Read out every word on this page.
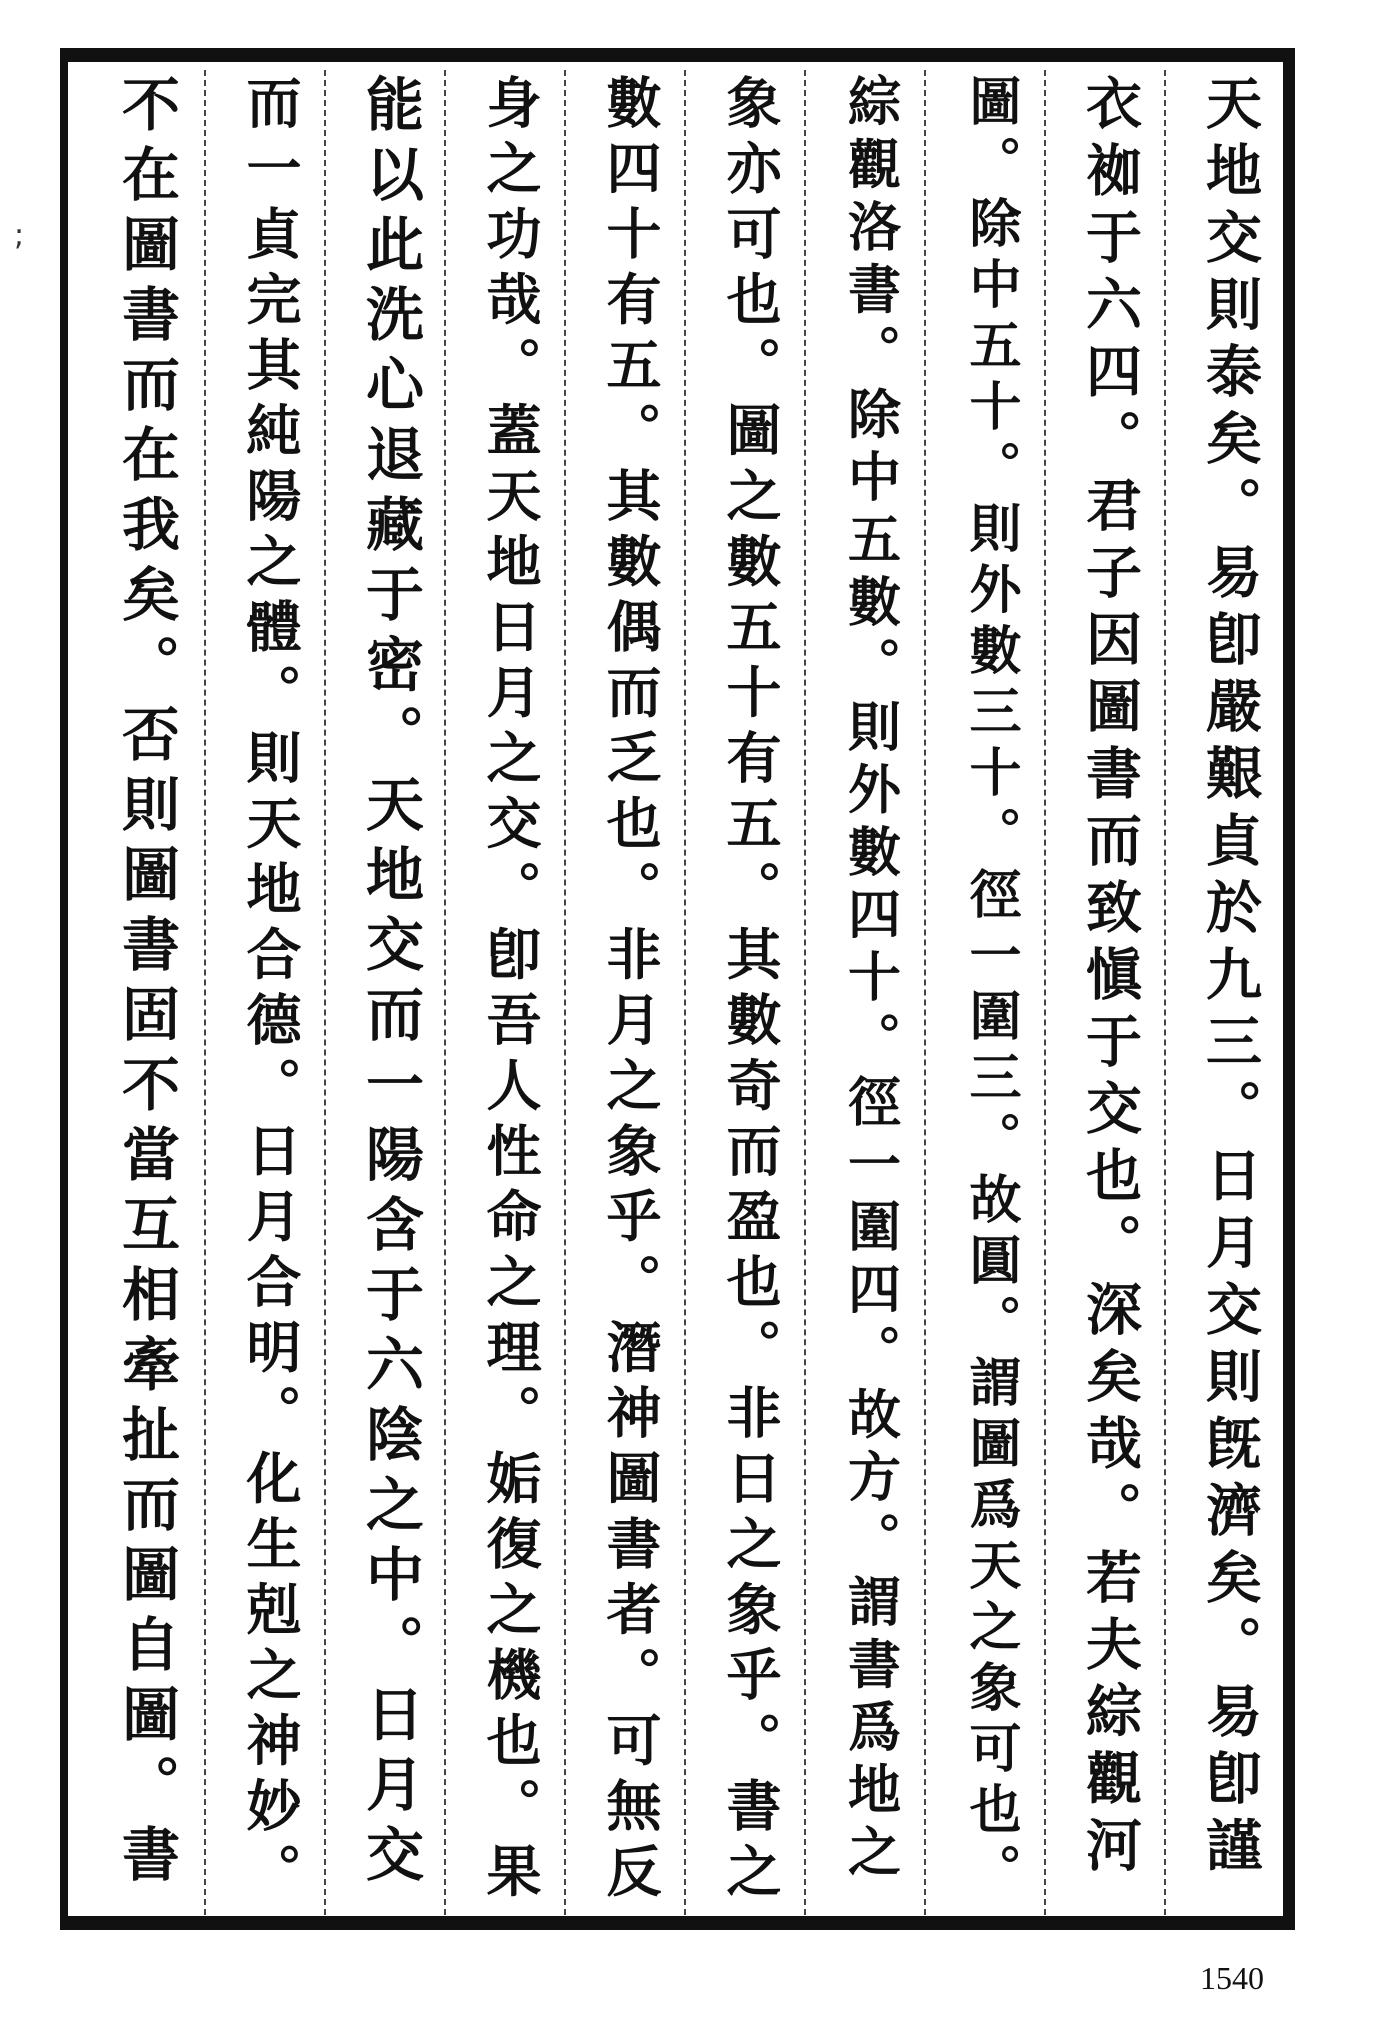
;	天地交則泰矣。易卽嚴艱貞於九三。日月交則旣濟矣。易卽謹
衣袽于六四。君子因圖書而致愼于交也。深矣哉。若夫綜觀河
圖。除中五十。則外數三十。徑一圍三。故圓。謂圖爲天之象可也。
綜觀洛書。除中五數。則外數四十。徑一圍四。故方。謂書爲地之
象亦可也。圖之數五十有五。其數奇而盈也。非日之象乎。書之
數四十有五。其數偶而乏也。非月之象乎。潛神圖書者。可無反
身之功哉。蓋天地日月之交。卽吾人性命之理。姤復之機也。果
能以此洗心退藏于密。天地交而一陽含于六陰之中。日月交
而一貞完其純陽之體。則天地合德。日月合明。化生剋之神妙。
不在圖書而在我矣。否則圖書固不當互相牽扯而圖自圖。書
1540
